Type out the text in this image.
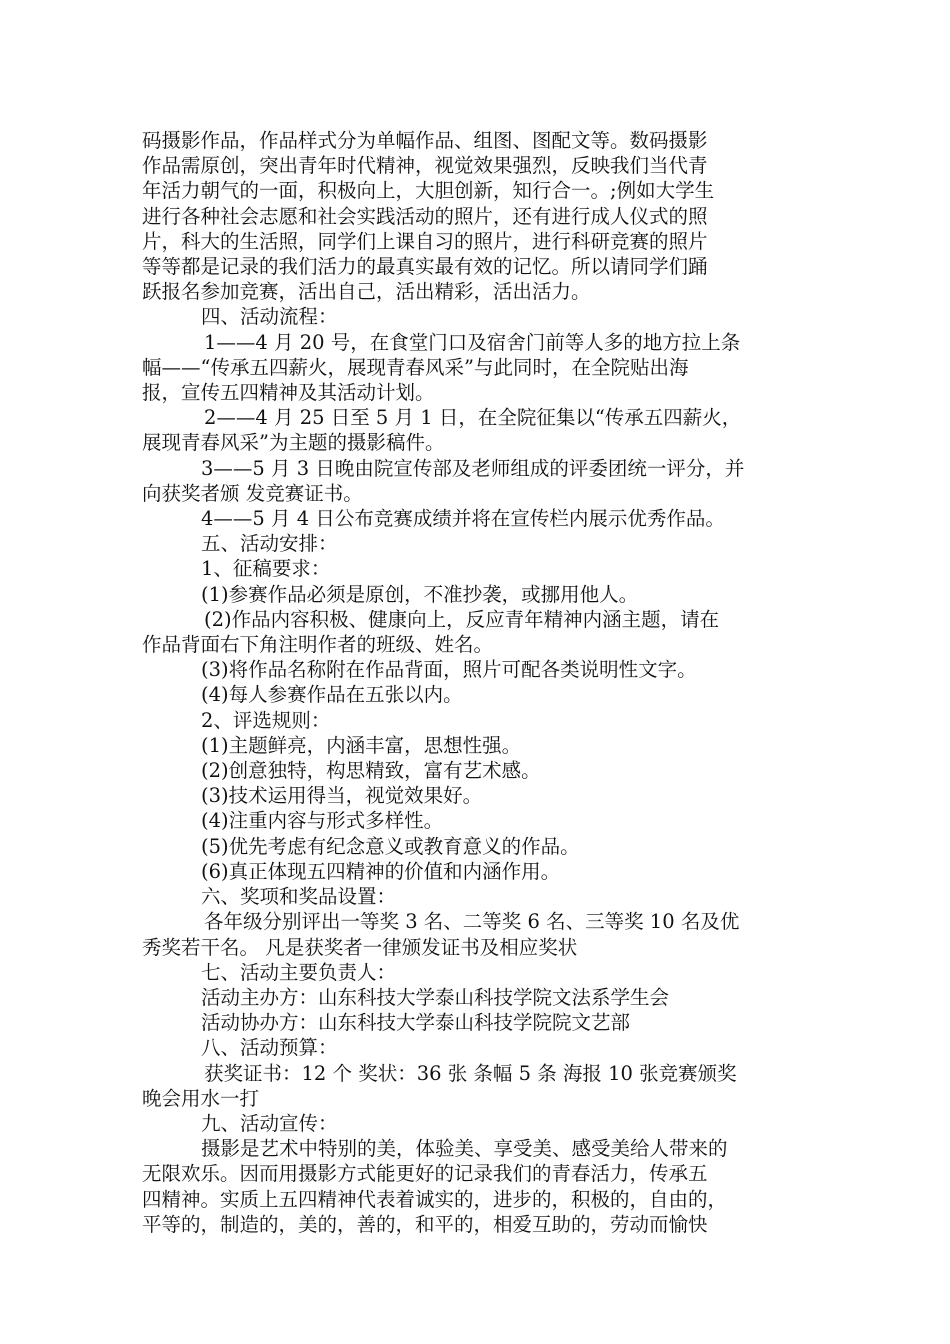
码摄影作品，作品样式分为单幅作品、组图、图配文等。数码摄影

作品需原创，突出青年时代精神，视觉效果强烈，反映我们当代青

年活力朝气的一面，积极向上，大胆创新，知行合一。;例如大学生

进行各种社会志愿和社会实践活动的照片，还有进行成人仪式的照

片，科大的生活照，同学们上课自习的照片，进行科研竞赛的照片

等等都是记录的我们活力的最真实最有效的记忆。所以请同学们踊

跃报名参加竞赛，活出自己，活出精彩，活出活力。

四、活动流程：

1——4 月 20 号，在食堂门口及宿舍门前等人多的地方拉上条

幅——“传承五四薪火，展现青春风采”与此同时，在全院贴出海

报，宣传五四精神及其活动计划。

2——4 月 25 日至 5 月 1 日，在全院征集以“传承五四薪火，

展现青春风采”为主题的摄影稿件。

3——5 月 3 日晚由院宣传部及老师组成的评委团统一评分，并

向获奖者颁 发竞赛证书。

4——5 月 4 日公布竞赛成绩并将在宣传栏内展示优秀作品。

五、活动安排：

1、征稿要求：

(1)参赛作品必须是原创，不准抄袭，或挪用他人。

(2)作品内容积极、健康向上，反应青年精神内涵主题，请在

作品背面右下角注明作者的班级、姓名。

(3)将作品名称附在作品背面，照片可配各类说明性文字。

(4)每人参赛作品在五张以内。

2、评选规则：

(1)主题鲜亮，内涵丰富，思想性强。

(2)创意独特，构思精致，富有艺术感。

(3)技术运用得当，视觉效果好。

(4)注重内容与形式多样性。

(5)优先考虑有纪念意义或教育意义的作品。

(6)真正体现五四精神的价值和内涵作用。

六、奖项和奖品设置：

各年级分别评出一等奖 3 名、二等奖 6 名、三等奖 10 名及优

秀奖若干名。 凡是获奖者一律颁发证书及相应奖状

七、活动主要负责人：

活动主办方：山东科技大学泰山科技学院文法系学生会

活动协办方：山东科技大学泰山科技学院院文艺部

八、活动预算：

获奖证书：12 个 奖状：36 张 条幅 5 条 海报 10 张竞赛颁奖

晚会用水一打

九、活动宣传：

摄影是艺术中特别的美，体验美、享受美、感受美给人带来的

无限欢乐。因而用摄影方式能更好的记录我们的青春活力，传承五

四精神。实质上五四精神代表着诚实的，进步的，积极的，自由的，

平等的，制造的，美的，善的，和平的，相爱互助的，劳动而愉快
